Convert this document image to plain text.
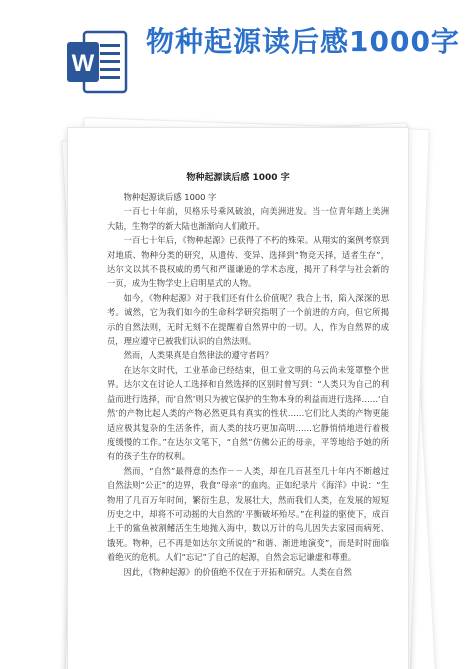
W
物种起源读后感1000字
物种起源读后感 1000 字

物种起源读后感 1000 字

一百七十年前，贝格乐号乘风破浪，向美洲进发。当一位青年踏上美洲大陆，生物学的新大陆也渐渐向人们敞开。

一百七十年后，《物种起源》已获得了不朽的殊荣。从翔实的案例考察到对地质、物种分类的研究，从遗传、变异、选择到“物竞天择，适者生存”，达尔文以其不畏权威的勇气和严谨谦逊的学术态度，揭开了科学与社会新的一页，成为生物学史上启明星式的人物。

如今，《物种起源》对于我们还有什么价值呢？我合上书，陷入深深的思考。诚然，它为我们如今的生命科学研究指明了一个前进的方向，但它所揭示的自然法则，无时无刻不在提醒着自然界中的一切。人，作为自然界的成员，理应遵守已被我们认识的自然法则。

然而，人类果真是自然律法的遵守者吗？

在达尔文时代，工业革命已经结束，但工业文明的乌云尚未笼罩整个世界。达尔文在讨论人工选择和自然选择的区别时曾写到：“人类只为自己的利益而进行选择，而‘自然’则只为被它保护的生物本身的利益而进行选择……‘自然’的产物比起人类的产物必然更具有真实的性状……它们比人类的产物更能适应极其复杂的生活条件，而人类的技巧更加高明……它静悄悄地进行着极度缓慢的工作。”在达尔文笔下，“自然”仿佛公正的母亲，平等地给予她的所有的孩子生存的权利。

然而，“自然”最得意的杰作－－人类，却在几百甚至几十年内不断越过自然法则“公正”的边界，我食“母亲”的血肉。正如纪录片《海洋》中说：“生物用了几百万年时间，繁衍生息，发展壮大，然而我们人类，在发展的短短历史之中，却将不可动摇的大自然的‘平衡破坏殆尽。”在利益的驱使下，成百上千的鲨鱼被割鳍活生生地抛入海中，数以万计的鸟儿因失去家园而病死、饿死。物种，已不再是如达尔文所说的“和谐、渐进地演变”，而是时时面临着绝灭的危机。人们“忘记”了自己的起源，自然会忘记谦虚和尊重。

因此，《物种起源》的价值绝不仅在于开拓和研究。人类在自然
